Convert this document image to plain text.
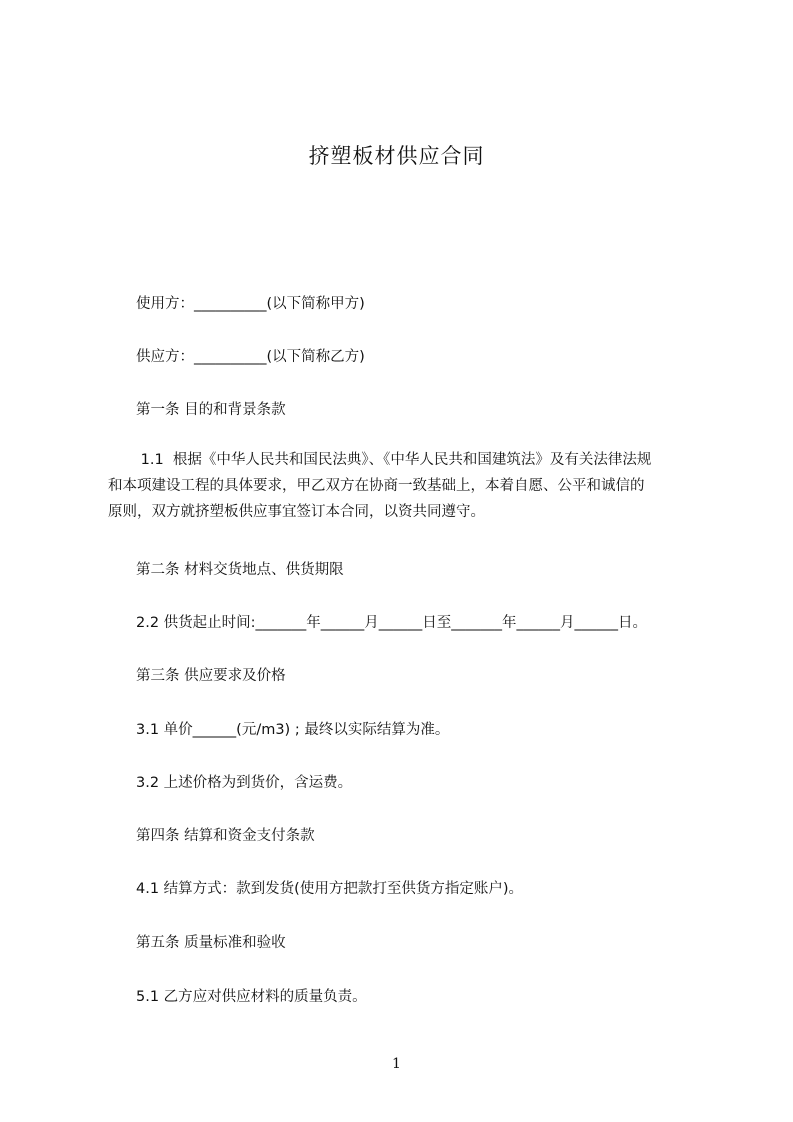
挤塑板材供应合同
使用方：__________(以下简称甲方)
供应方：__________(以下简称乙方)
第一条 目的和背景条款
1.1  根据《中华人民共和国民法典》、《中华人民共和国建筑法》及有关法律法规
和本项建设工程的具体要求，甲乙双方在协商一致基础上，本着自愿、公平和诚信的
原则，双方就挤塑板供应事宜签订本合同，以资共同遵守。
第二条 材料交货地点、供货期限
2.2 供货起止时间:_______年______月______日至_______年______月______日。
第三条 供应要求及价格
3.1 单价______(元/m3) ; 最终以实际结算为准。
3.2 上述价格为到货价，含运费。
第四条 结算和资金支付条款
4.1 结算方式：款到发货(使用方把款打至供货方指定账户)。
第五条 质量标准和验收
5.1 乙方应对供应材料的质量负责。
1
